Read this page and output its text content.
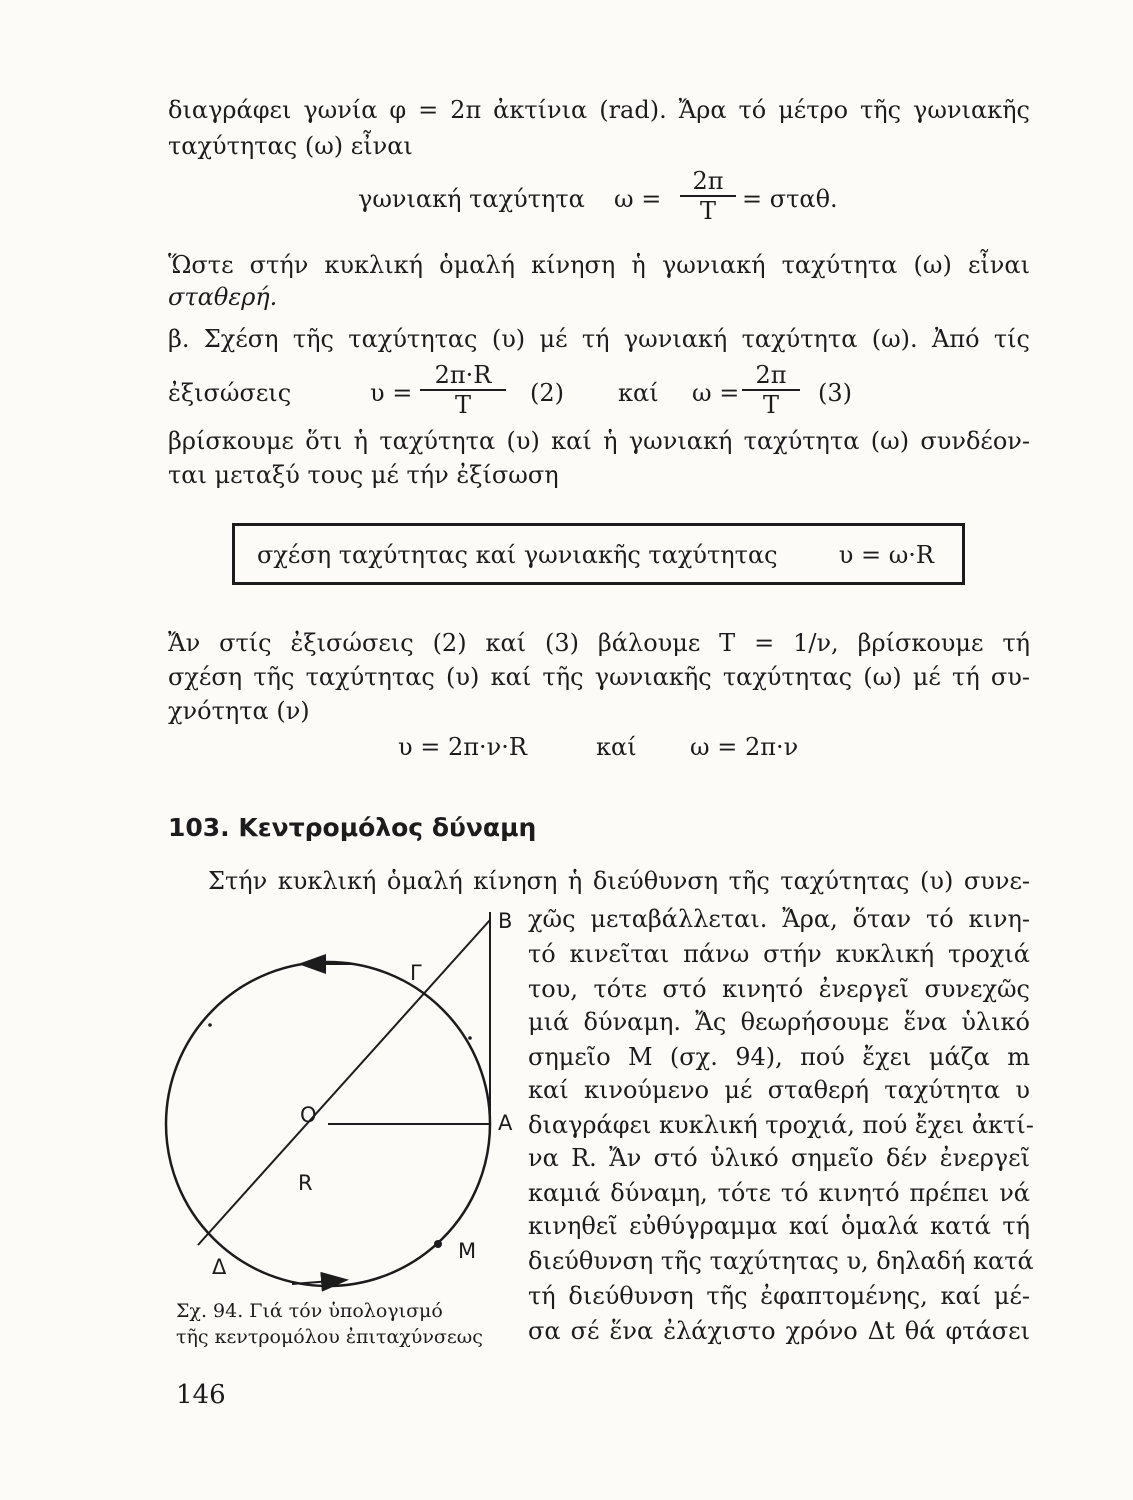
διαγράφει γωνία φ = 2π ἀκτίνια (rad). Ἄρα τό μέτρο τῆς γωνιακῆς

ταχύτητας (ω) εἶναι

γωνιακή ταχύτητα $\omega = \frac{2\pi}{T} = \sigma\tau\alpha\theta$.

Ὥστε στήν κυκλική ὁμαλή κίνηση ἡ γωνιακή ταχύτητα (ω) εἶναι

σταθερή.

β. Σχέση τῆς ταχύτητας (υ) μέ τή γωνιακή ταχύτητα (ω). Ἀπό τίς

ἐξισώσεις	$\upsilon = \frac{2\pi\cdot R}{T} (2)$ καί $\omega = \frac{2\pi}{T} (3)$

βρίσκουμε ὅτι ἡ ταχύτητα (υ) καί ἡ γωνιακή ταχύτητα (ω) συνδέον-

ται μεταξύ τους μέ τήν ἐξίσωση

σχέση ταχύτητας καί γωνιακῆς ταχύτητας	υ = ω·R

Ἄν στίς ἐξισώσεις (2) καί (3) βάλουμε T = 1/ν, βρίσκουμε τή

σχέση τῆς ταχύτητας (υ) καί τῆς γωνιακῆς ταχύτητας (ω) μέ τή συ-

χνότητα (ν)

υ = 2π·ν·R	καί ω = 2π·ν
103. Κεντρομόλος δύναμη

Στήν κυκλική ὁμαλή κίνηση ἡ διεύθυνση τῆς ταχύτητας (υ) συνε-

χῶς μεταβάλλεται. Ἄρα, ὅταν τό κινη-

τό κινεῖται πάνω στήν κυκλική τροχιά

του, τότε στό κινητό ἐνεργεῖ συνεχῶς

μιά δύναμη. Ἄς θεωρήσουμε ἕνα ὑλικό

σημεῖο M (σχ. 94), πού ἔχει μάζα m

καί κινούμενο μέ σταθερή ταχύτητα υ

διαγράφει κυκλική τροχιά, πού ἔχει ἀκτί-

να R. Ἄν στό ὑλικό σημεῖο δέν ἐνεργεῖ

καμιά δύναμη, τότε τό κινητό πρέπει νά

κινηθεῖ εὐθύγραμμα καί ὁμαλά κατά τή

διεύθυνση τῆς ταχύτητας υ, δηλαδή κατά

τή διεύθυνση τῆς ἐφαπτομένης, καί μέ-

σα σέ ἕνα ἐλάχιστο χρόνο Δt θά φτάσει

B
Γ
O	A
R
M
Δ
Σχ. 94. Γιά τόν ὑπολογισμό
τῆς κεντρομόλου ἐπιταχύνσεως
146
